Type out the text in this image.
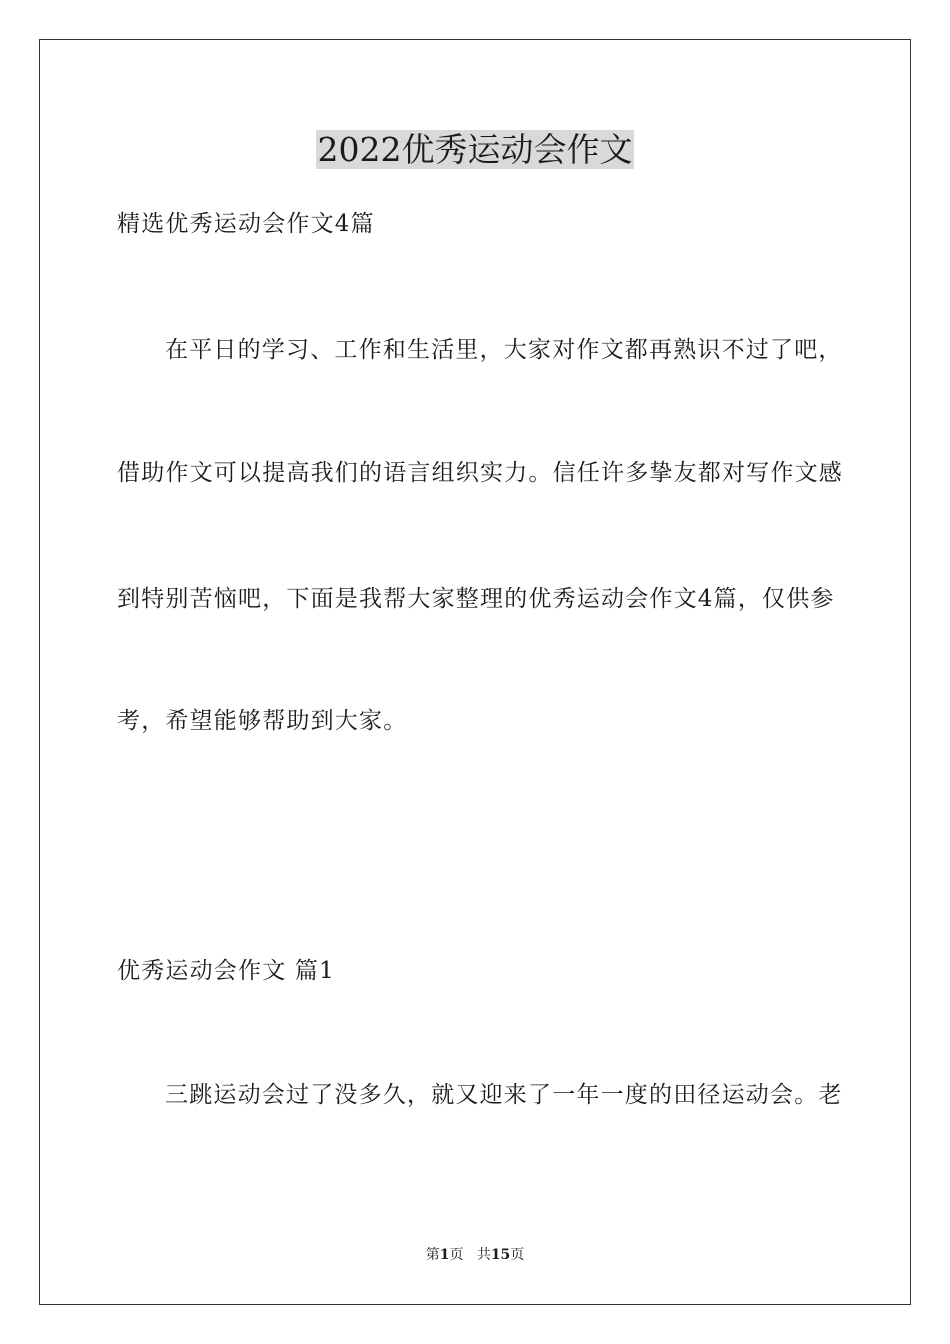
2022优秀运动会作文
精选优秀运动会作文4篇
在平日的学习、工作和生活里，大家对作文都再熟识不过了吧，
借助作文可以提高我们的语言组织实力。信任许多挚友都对写作文感
到特别苦恼吧，下面是我帮大家整理的优秀运动会作文4篇，仅供参
考，希望能够帮助到大家。
优秀运动会作文 篇1
三跳运动会过了没多久，就又迎来了一年一度的田径运动会。老
第1页 共15页
